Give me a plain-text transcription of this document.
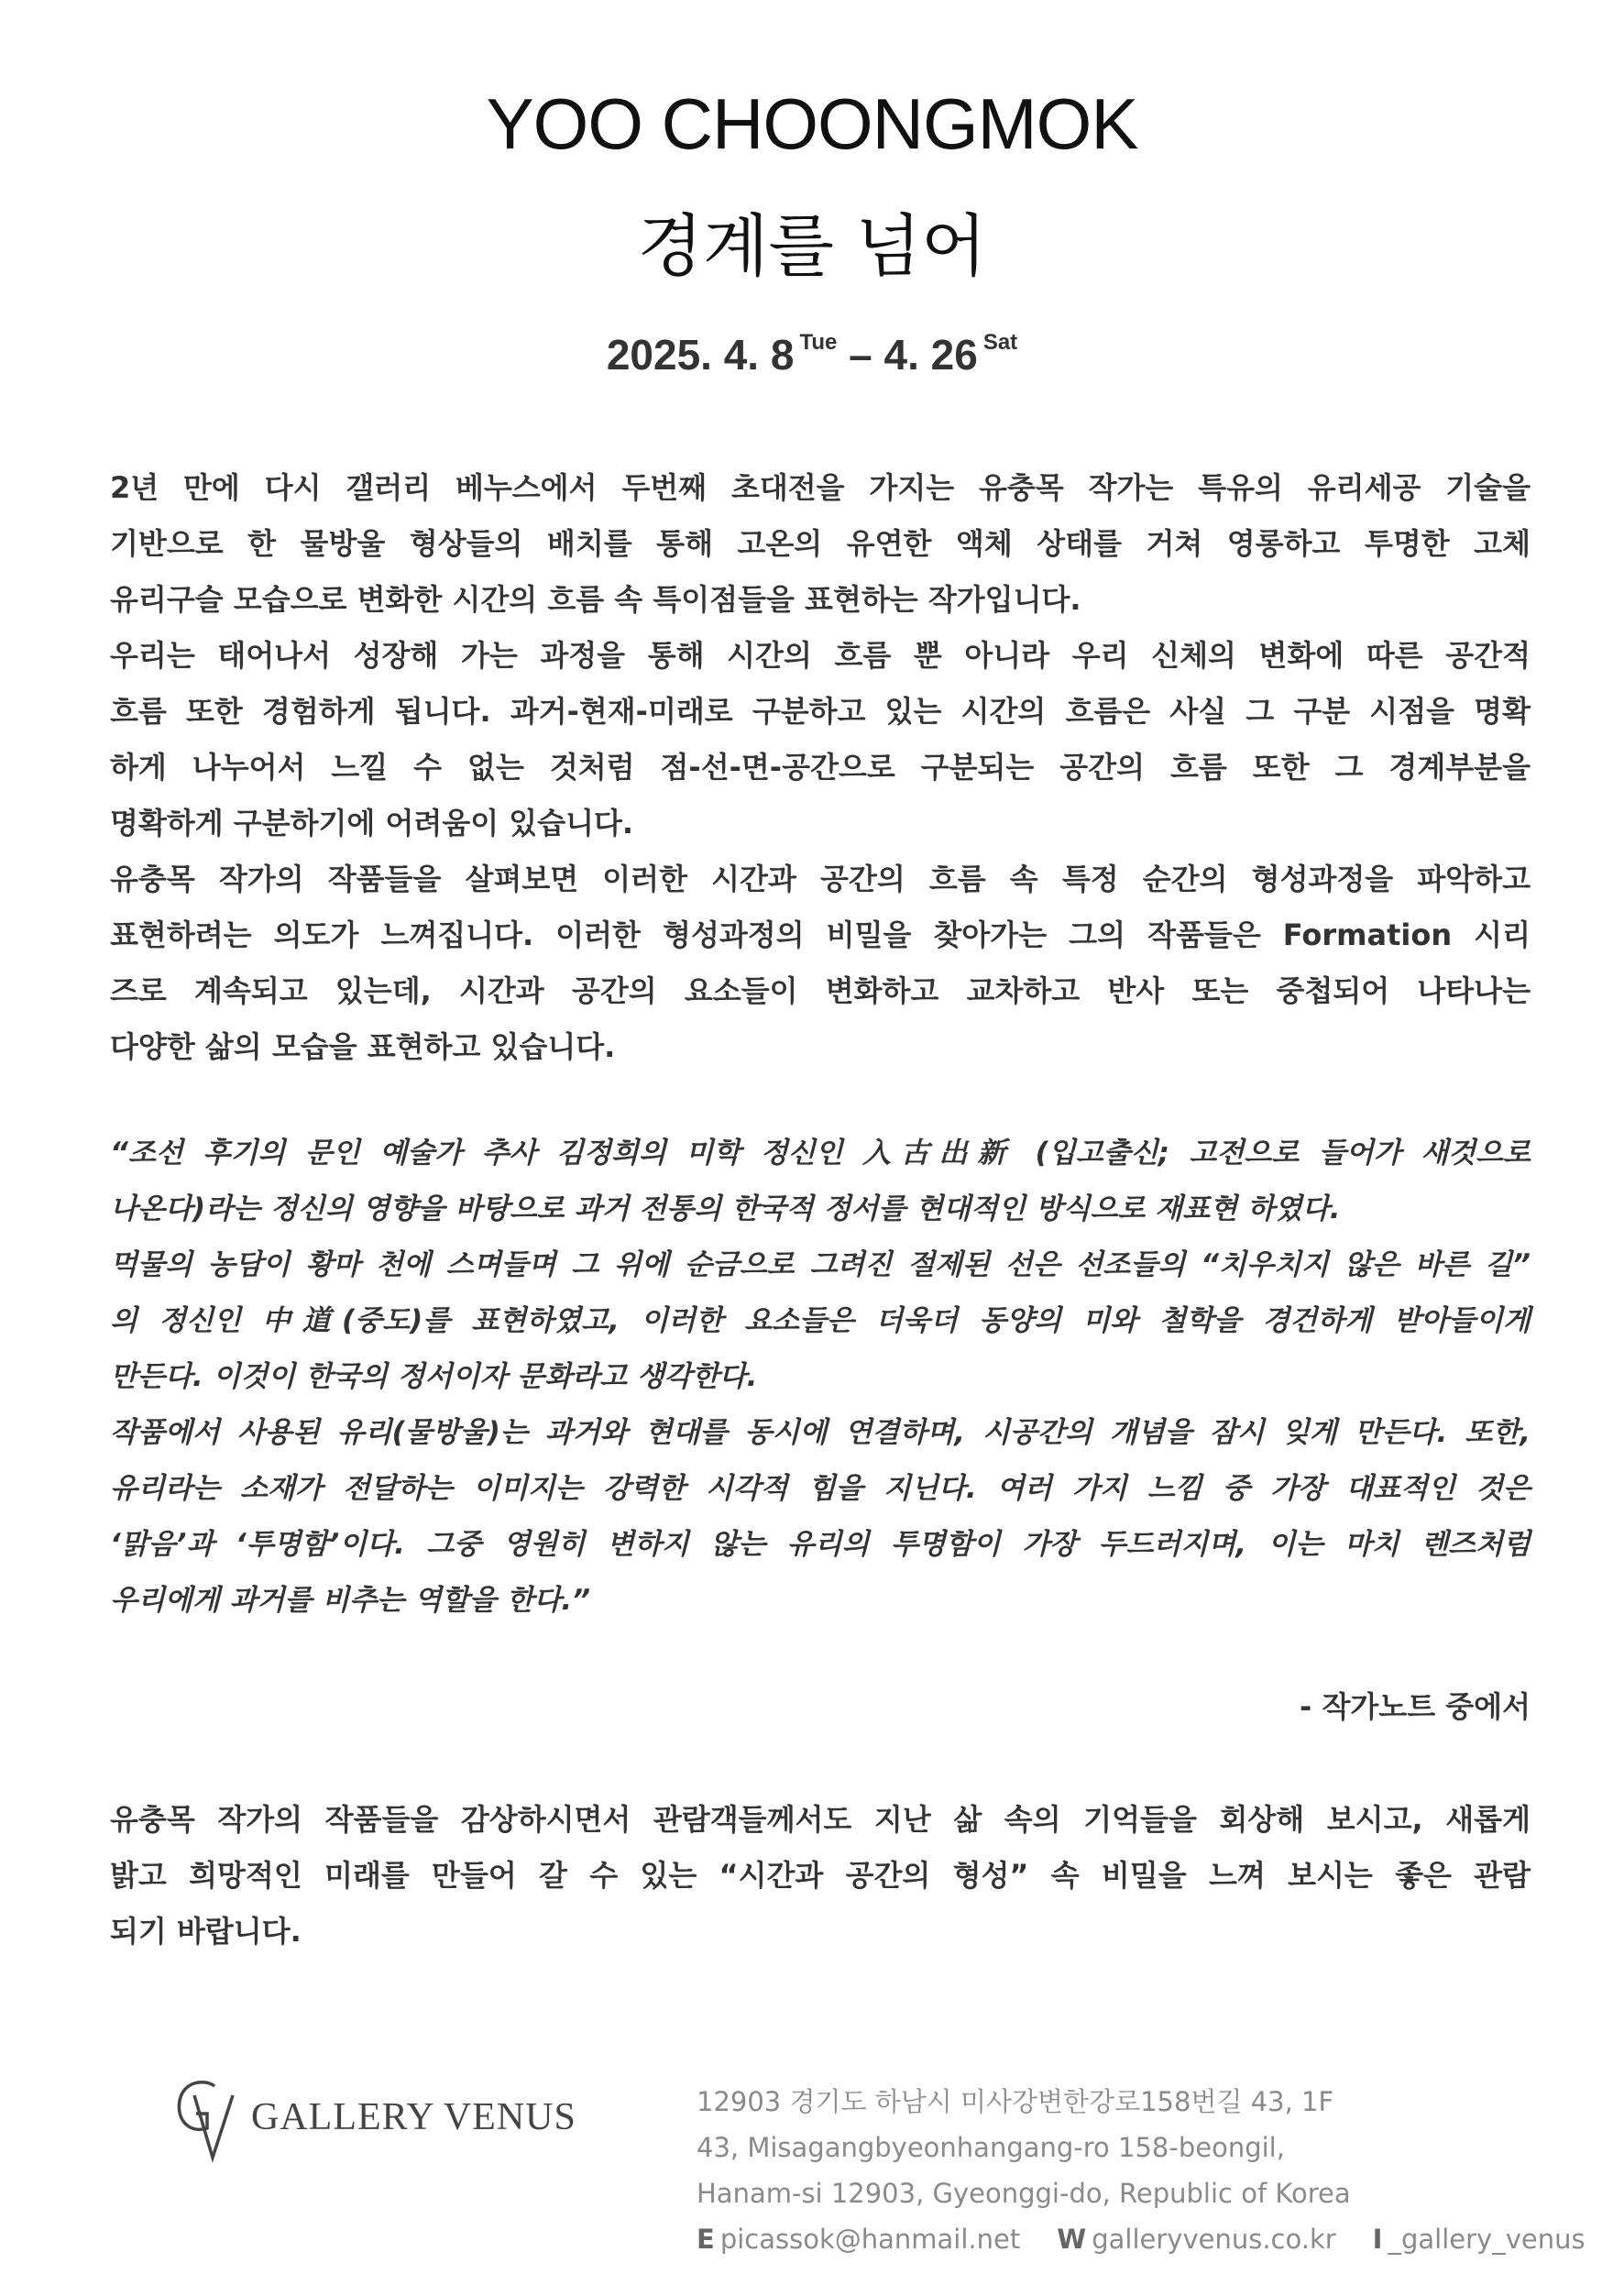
YOO CHOONGMOK
경계를 넘어
2025. 4. 8 $^{Tue}$ – 4. 26 $^{Sat}$
2년 만에 다시 갤러리 베누스에서 두번째 초대전을 가지는 유충목 작가는 특유의 유리세공 기술을
기반으로 한 물방울 형상들의 배치를 통해 고온의 유연한 액체 상태를 거쳐 영롱하고 투명한 고체
유리구슬 모습으로 변화한 시간의 흐름 속 특이점들을 표현하는 작가입니다.
우리는 태어나서 성장해 가는 과정을 통해 시간의 흐름 뿐 아니라 우리 신체의 변화에 따른 공간적
흐름 또한 경험하게 됩니다. 과거-현재-미래로 구분하고 있는 시간의 흐름은 사실 그 구분 시점을 명확
하게 나누어서 느낄 수 없는 것처럼 점-선-면-공간으로 구분되는 공간의 흐름 또한 그 경계부분을
명확하게 구분하기에 어려움이 있습니다.
유충목 작가의 작품들을 살펴보면 이러한 시간과 공간의 흐름 속 특정 순간의 형성과정을 파악하고
표현하려는 의도가 느껴집니다. 이러한 형성과정의 비밀을 찾아가는 그의 작품들은 Formation 시리
즈로 계속되고 있는데, 시간과 공간의 요소들이 변화하고 교차하고 반사 또는 중첩되어 나타나는
다양한 삶의 모습을 표현하고 있습니다.
“조선 후기의 문인 예술가 추사 김정희의 미학 정신인 入古出新 (입고출신; 고전으로 들어가 새것으로
나온다)라는 정신의 영향을 바탕으로 과거 전통의 한국적 정서를 현대적인 방식으로 재표현 하였다.
먹물의 농담이 황마 천에 스며들며 그 위에 순금으로 그려진 절제된 선은 선조들의 “치우치지 않은 바른 길”
의 정신인 中道(중도)를 표현하였고, 이러한 요소들은 더욱더 동양의 미와 철학을 경건하게 받아들이게
만든다. 이것이 한국의 정서이자 문화라고 생각한다.
작품에서 사용된 유리(물방울)는 과거와 현대를 동시에 연결하며, 시공간의 개념을 잠시 잊게 만든다. 또한,
유리라는 소재가 전달하는 이미지는 강력한 시각적 힘을 지닌다. 여러 가지 느낌 중 가장 대표적인 것은
‘맑음’과 ‘투명함’이다. 그중 영원히 변하지 않는 유리의 투명함이 가장 두드러지며, 이는 마치 렌즈처럼
우리에게 과거를 비추는 역할을 한다.”
- 작가노트 중에서
유충목 작가의 작품들을 감상하시면서 관람객들께서도 지난 삶 속의 기억들을 회상해 보시고, 새롭게
밝고 희망적인 미래를 만들어 갈 수 있는 “시간과 공간의 형성” 속 비밀을 느껴 보시는 좋은 관람
되기 바랍니다.
GALLERY VENUS	12903 경기도 하남시 미사강변한강로158번길 43, 1F
43, Misagangbyeonhangang-ro 158-beongil,
Hanam-si 12903, Gyeonggi-do, Republic of Korea
E picassok@hanmail.net W galleryvenus.co.kr I _gallery_venus
